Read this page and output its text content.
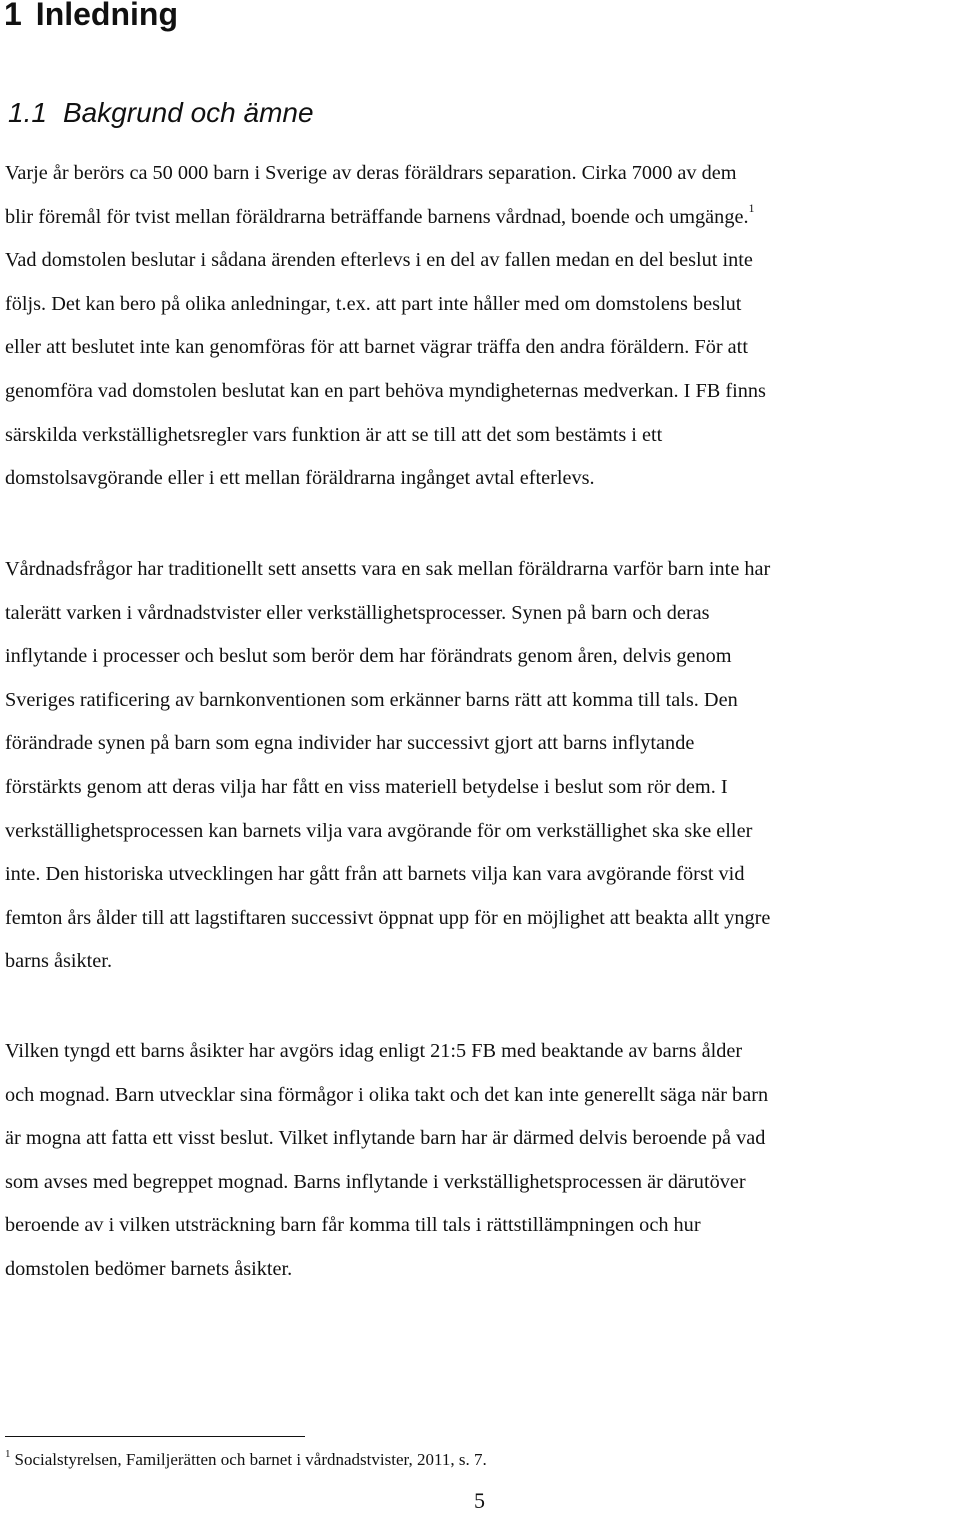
1 Inledning
1.1 Bakgrund och ämne

Varje år berörs ca 50 000 barn i Sverige av deras föräldrars separation. Cirka 7000 av dem
blir föremål för tvist mellan föräldrarna beträffande barnens vårdnad, boende och umgänge.$^1$
Vad domstolen beslutar i sådana ärenden efterlevs i en del av fallen medan en del beslut inte
följs. Det kan bero på olika anledningar, t.ex. att part inte håller med om domstolens beslut
eller att beslutet inte kan genomföras för att barnet vägrar träffa den andra föräldern. För att
genomföra vad domstolen beslutat kan en part behöva myndigheternas medverkan. I FB finns
särskilda verkställighetsregler vars funktion är att se till att det som bestämts i ett
domstolsavgörande eller i ett mellan föräldrarna ingånget avtal efterlevs.

Vårdnadsfrågor har traditionellt sett ansetts vara en sak mellan föräldrarna varför barn inte har
talerätt varken i vårdnadstvister eller verkställighetsprocesser. Synen på barn och deras
inflytande i processer och beslut som berör dem har förändrats genom åren, delvis genom
Sveriges ratificering av barnkonventionen som erkänner barns rätt att komma till tals. Den
förändrade synen på barn som egna individer har successivt gjort att barns inflytande
förstärkts genom att deras vilja har fått en viss materiell betydelse i beslut som rör dem. I
verkställighetsprocessen kan barnets vilja vara avgörande för om verkställighet ska ske eller
inte. Den historiska utvecklingen har gått från att barnets vilja kan vara avgörande först vid
femton års ålder till att lagstiftaren successivt öppnat upp för en möjlighet att beakta allt yngre
barns åsikter.

Vilken tyngd ett barns åsikter har avgörs idag enligt 21:5 FB med beaktande av barns ålder
och mognad. Barn utvecklar sina förmågor i olika takt och det kan inte generellt säga när barn
är mogna att fatta ett visst beslut. Vilket inflytande barn har är därmed delvis beroende på vad
som avses med begreppet mognad. Barns inflytande i verkställighetsprocessen är därutöver
beroende av i vilken utsträckning barn får komma till tals i rättstillämpningen och hur
domstolen bedömer barnets åsikter.

$^1$ Socialstyrelsen, Familjerätten och barnet i vårdnadstvister, 2011, s. 7.

5
